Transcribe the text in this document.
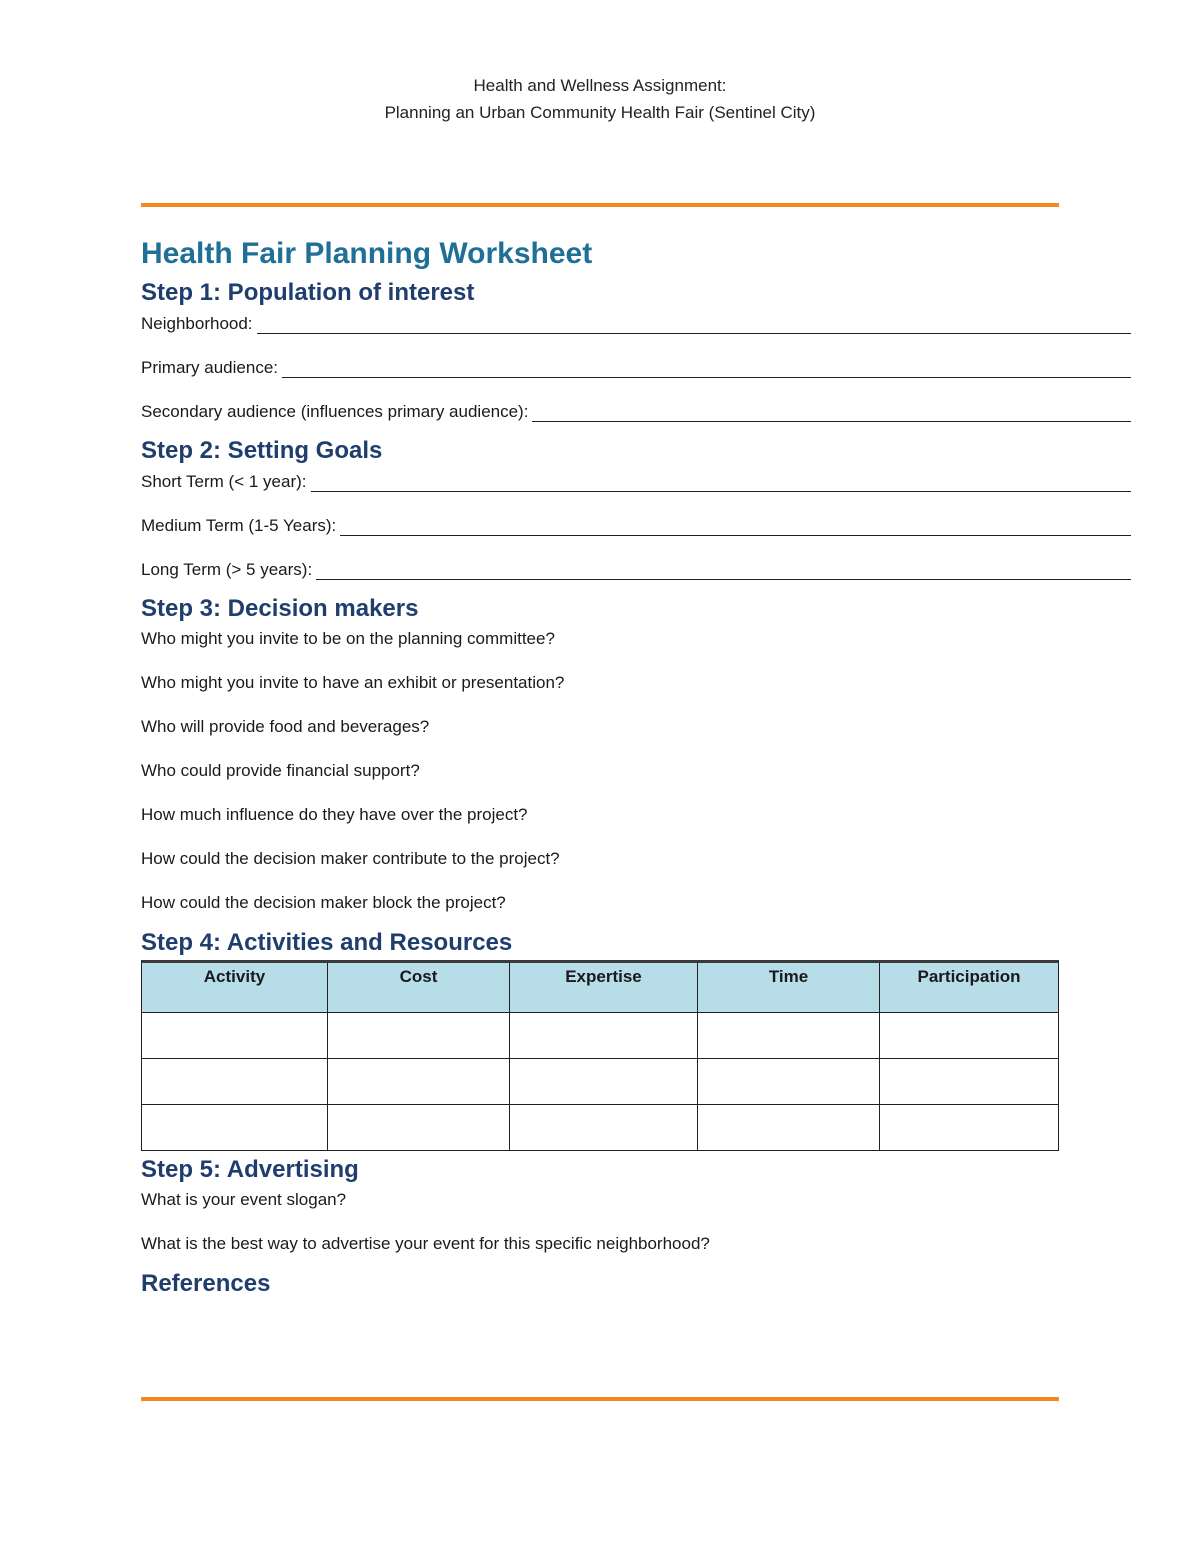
Health and Wellness Assignment:
Planning an Urban Community Health Fair (Sentinel City)
Health Fair Planning Worksheet
Step 1: Population of interest
Neighborhood:
Primary audience:
Secondary audience (influences primary audience):
Step 2: Setting Goals
Short Term (< 1 year):
Medium Term (1-5 Years):
Long Term (> 5 years):
Step 3: Decision makers
Who might you invite to be on the planning committee?
Who might you invite to have an exhibit or presentation?
Who will provide food and beverages?
Who could provide financial support?
How much influence do they have over the project?
How could the decision maker contribute to the project?
How could the decision maker block the project?
Step 4: Activities and Resources
Activity	Cost	Expertise	Time	Participation

Step 5: Advertising
What is your event slogan?
What is the best way to advertise your event for this specific neighborhood?
References
